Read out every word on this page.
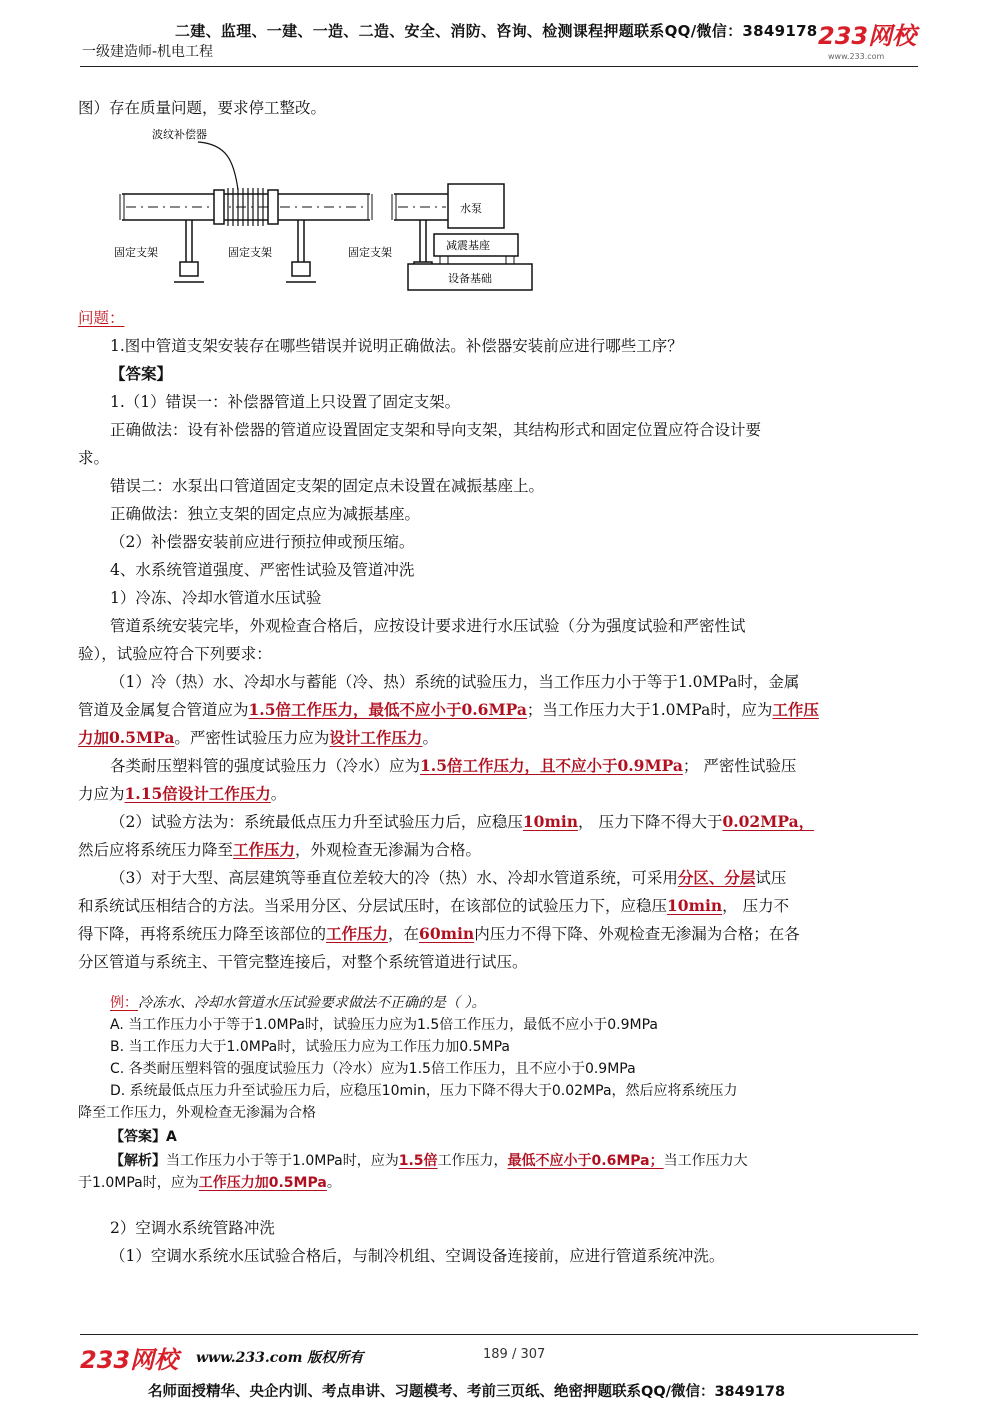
二建、监理、一建、一造、二造、安全、消防、咨询、检测课程押题联系QQ/微信：3849178
一级建造师-机电工程
233网校
www.233.com
图）存在质量问题，要求停工整改。
波纹补偿器
固定支架	固定支架	固定支架
水泵
减震基座
设备基础
问题：
1.图中管道支架安装存在哪些错误并说明正确做法。补偿器安装前应进行哪些工序？
【答案】
1.（1）错误一：补偿器管道上只设置了固定支架。
正确做法：设有补偿器的管道应设置固定支架和导向支架，其结构形式和固定位置应符合设计要
求。
错误二：水泵出口管道固定支架的固定点未设置在减振基座上。
正确做法：独立支架的固定点应为减振基座。
（2）补偿器安装前应进行预拉伸或预压缩。
4、水系统管道强度、严密性试验及管道冲洗
1）冷冻、冷却水管道水压试验
管道系统安装完毕，外观检查合格后，应按设计要求进行水压试验（分为强度试验和严密性试
验），试验应符合下列要求：
（1）冷（热）水、冷却水与蓄能（冷、热）系统的试验压力，当工作压力小于等于1.0MPa时，金属
管道及金属复合管道应为1.5倍工作压力，最低不应小于0.6MPa；当工作压力大于1.0MPa时，应为工作压
力加0.5MPa。严密性试验压力应为设计工作压力。
各类耐压塑料管的强度试验压力（冷水）应为1.5倍工作压力，且不应小于0.9MPa； 严密性试验压
力应为1.15倍设计工作压力。
（2）试验方法为：系统最低点压力升至试验压力后，应稳压10min， 压力下降不得大于0.02MPa，
然后应将系统压力降至工作压力，外观检查无渗漏为合格。
（3）对于大型、高层建筑等垂直位差较大的冷（热）水、冷却水管道系统，可采用分区、分层试压
和系统试压相结合的方法。当采用分区、分层试压时，在该部位的试验压力下，应稳压10min， 压力不
得下降，再将系统压力降至该部位的工作压力，在60min内压力不得下降、外观检查无渗漏为合格；在各
分区管道与系统主、干管完整连接后，对整个系统管道进行试压。
例：冷冻水、冷却水管道水压试验要求做法不正确的是（ ）。
A. 当工作压力小于等于1.0MPa时，试验压力应为1.5倍工作压力，最低不应小于0.9MPa
B. 当工作压力大于1.0MPa时，试验压力应为工作压力加0.5MPa
C. 各类耐压塑料管的强度试验压力（冷水）应为1.5倍工作压力，且不应小于0.9MPa
D. 系统最低点压力升至试验压力后，应稳压10min，压力下降不得大于0.02MPa，然后应将系统压力
降至工作压力，外观检查无渗漏为合格
【答案】A
【解析】当工作压力小于等于1.0MPa时，应为1.5倍工作压力，最低不应小于0.6MPa；当工作压力大
于1.0MPa时，应为工作压力加0.5MPa。
2）空调水系统管路冲洗
（1）空调水系统水压试验合格后，与制冷机组、空调设备连接前，应进行管道系统冲洗。
233网校 www.233.com 版权所有	189 / 307
名师面授精华、央企内训、考点串讲、习题模考、考前三页纸、绝密押题联系QQ/微信：3849178
